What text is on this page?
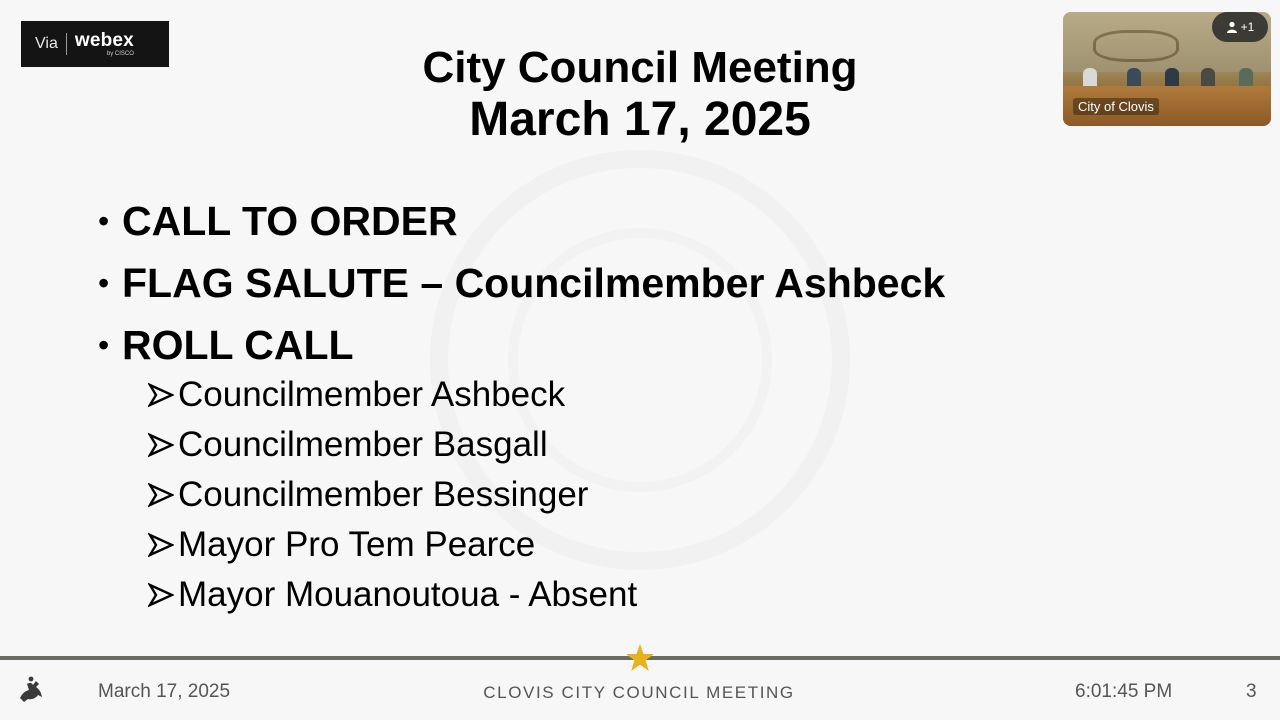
Via webex
by CISCO	City Council Meeting
March 17, 2025
• CALL TO ORDER
• FLAG SALUTE – Councilmember Ashbeck
• ROLL CALL
Councilmember Ashbeck
Councilmember Basgall
Councilmember Bessinger
Mayor Pro Tem Pearce
Mayor Mouanoutoua - Absent
City of Clovis
+1
March 17, 2025	CLOVIS CITY COUNCIL MEETING	6:01:45 PM	3
